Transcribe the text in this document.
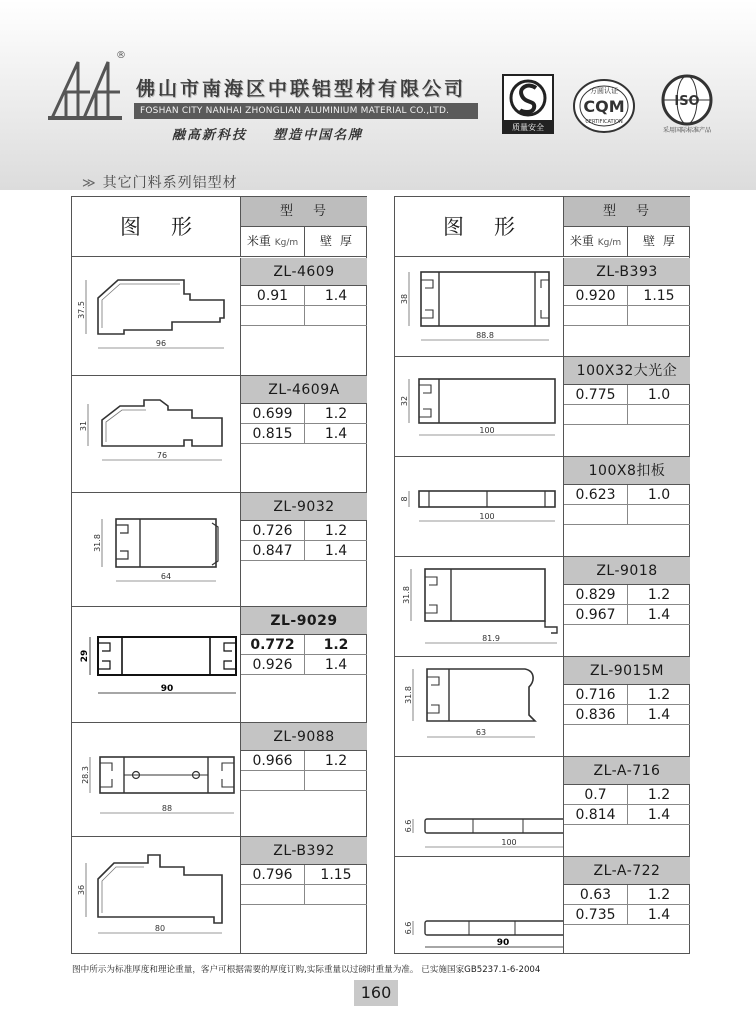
®
佛山市南海区中联铝型材有限公司
FOSHAN CITY NANHAI ZHONGLIAN ALUMINIUM MATERIAL CO.,LTD.
融高新科技    塑造中国名牌
质量安全
方圆认证
CQM
CERTIFICATION
ISO
采用国际标准产品
≫ 其它门料系列铝型材
图形
型号
米重 Kg/m	壁厚
37.5
96
ZL-4609
0.91	1.4
31
76
ZL-4609A
0.699	1.2
0.815	1.4
31.8
64
ZL-9032
0.726	1.2
0.847	1.4
29
90
ZL-9029
0.772	1.2
0.926	1.4
28.3
88
ZL-9088
0.966	1.2
36
80
ZL-B392
0.796	1.15
图形
型号
米重 Kg/m	壁厚
38
88.8
ZL-B393
0.920	1.15
32
100
100X32大光企
0.775	1.0
8
100
100X8扣板
0.623	1.0
31.8
81.9
ZL-9018
0.829	1.2
0.967	1.4
31.8
63
ZL-9015M
0.716	1.2
0.836	1.4
6.6
100
ZL-A-716
0.7	1.2
0.814	1.4
6.6
90
ZL-A-722
0.63	1.2
0.735	1.4
图中所示为标准厚度和理论重量，客户可根据需要的厚度订购,实际重量以过磅时重量为准。 已实施国家GB5237.1-6-2004
160
